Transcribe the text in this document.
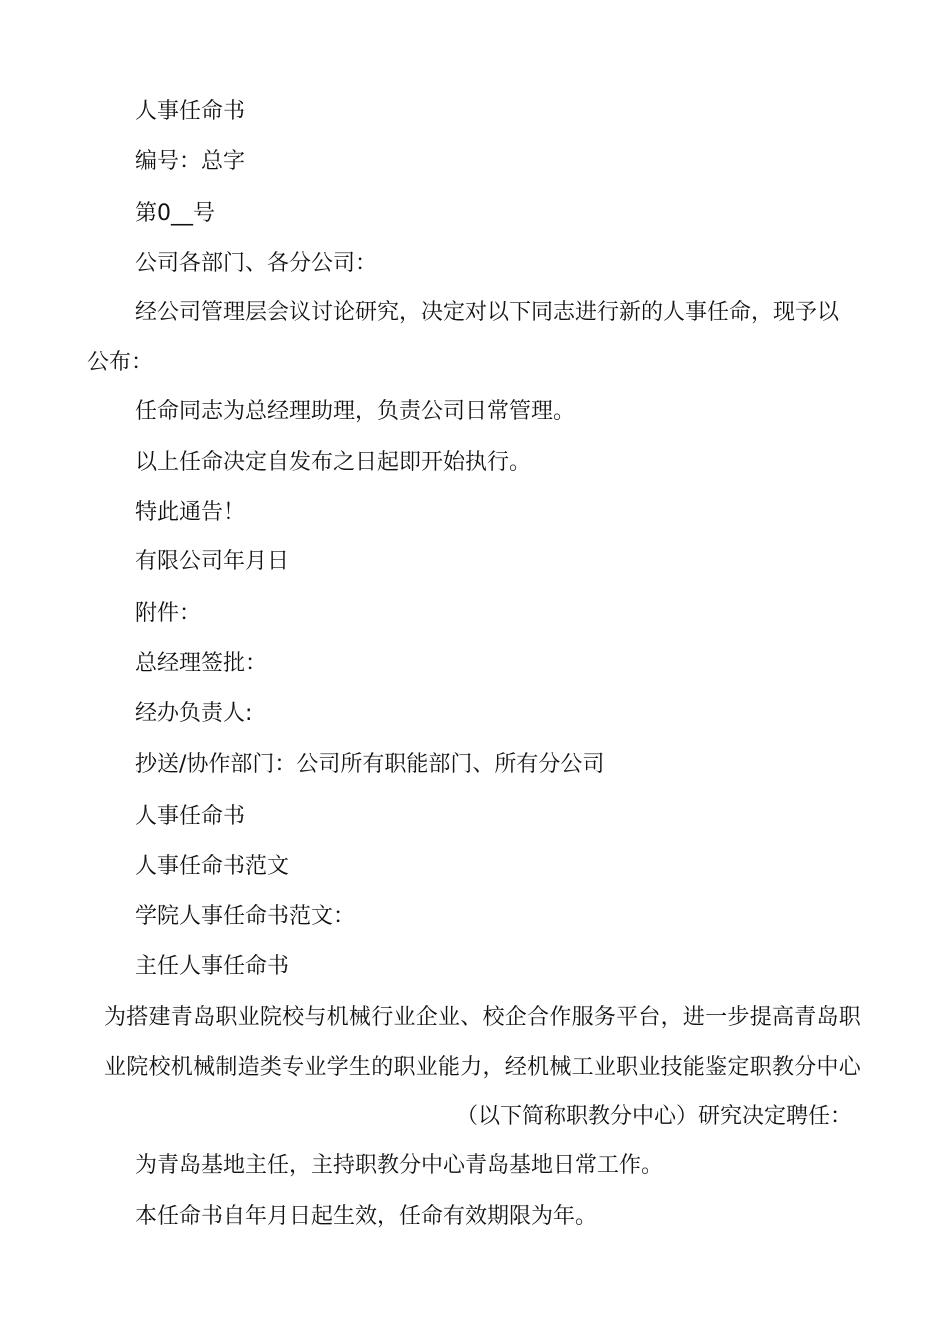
人事任命书
编号：总字
第0__号
公司各部门、各分公司：
经公司管理层会议讨论研究，决定对以下同志进行新的人事任命，现予以
公布：
任命同志为总经理助理，负责公司日常管理。
以上任命决定自发布之日起即开始执行。
特此通告！
有限公司年月日
附件：
总经理签批：
经办负责人:
抄送/协作部门：公司所有职能部门、所有分公司
人事任命书
人事任命书范文
学院人事任命书范文：
主任人事任命书
为 搭 建 青 岛 职 业 院 校 与 机 械 行 业 企 业 、 校 企 合 作 服 务 平 台 ， 进 一 步 提 高 青 岛 职
业 院 校 机 械 制 造 类 专 业 学 生 的 职 业 能 力 ， 经 机 械 工 业 职 业 技 能 鉴 定 职 教 分 中 心
（以下简称职教分中心）研究决定聘任：
为青岛基地主任，主持职教分中心青岛基地日常工作。
本任命书自年月日起生效，任命有效期限为年。
